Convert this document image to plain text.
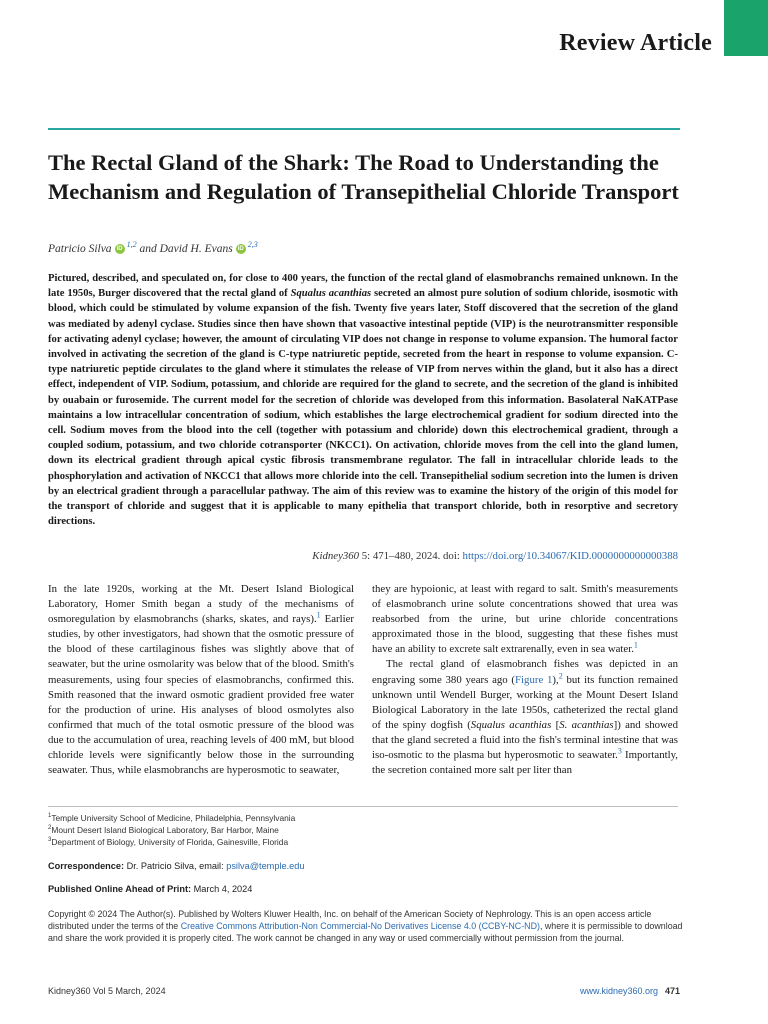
Review Article
The Rectal Gland of the Shark: The Road to Understanding the Mechanism and Regulation of Transepithelial Chloride Transport
Patricio Silva iD$^{1,2}$ and David H. Evans iD$^{2,3}$
Pictured, described, and speculated on, for close to 400 years, the function of the rectal gland of elasmobranchs remained unknown. In the late 1950s, Burger discovered that the rectal gland of Squalus acanthias secreted an almost pure solution of sodium chloride, isosmotic with blood, which could be stimulated by volume expansion of the fish. Twenty five years later, Stoff discovered that the secretion of the gland was mediated by adenyl cyclase. Studies since then have shown that vasoactive intestinal peptide (VIP) is the neurotransmitter responsible for activating adenyl cyclase; however, the amount of circulating VIP does not change in response to volume expansion. The humoral factor involved in activating the secretion of the gland is C-type natriuretic peptide, secreted from the heart in response to volume expansion. C-type natriuretic peptide circulates to the gland where it stimulates the release of VIP from nerves within the gland, but it also has a direct effect, independent of VIP. Sodium, potassium, and chloride are required for the gland to secrete, and the secretion of the gland is inhibited by ouabain or furosemide. The current model for the secretion of chloride was developed from this information. Basolateral NaKATPase maintains a low intracellular concentration of sodium, which establishes the large electrochemical gradient for sodium directed into the cell. Sodium moves from the blood into the cell (together with potassium and chloride) down this electrochemical gradient, through a coupled sodium, potassium, and two chloride cotransporter (NKCC1). On activation, chloride moves from the cell into the gland lumen, down its electrical gradient through apical cystic fibrosis transmembrane regulator. The fall in intracellular chloride leads to the phosphorylation and activation of NKCC1 that allows more chloride into the cell. Transepithelial sodium secretion into the lumen is driven by an electrical gradient through a paracellular pathway. The aim of this review was to examine the history of the origin of this model for the transport of chloride and suggest that it is applicable to many epithelia that transport chloride, both in resorptive and secretory directions.
Kidney360 5: 471–480, 2024. doi: https://doi.org/10.34067/KID.0000000000000388

In the late 1920s, working at the Mt. Desert Island Biological Laboratory, Homer Smith began a study of the mechanisms of osmoregulation by elasmobranchs (sharks, skates, and rays).$^1$ Earlier studies, by other investigators, had shown that the osmotic pressure of the blood of these cartilaginous fishes was slightly above that of seawater, but the urine osmolarity was below that of the blood. Smith's measurements, using four species of elasmobranchs, confirmed this. Smith reasoned that the inward osmotic gradient provided free water for the production of urine. His analyses of blood osmolytes also confirmed that much of the total osmotic pressure of the blood was due to the accumulation of urea, reaching levels of 400 mM, but blood chloride levels were significantly below those in the surrounding seawater. Thus, while elasmobranchs are hyperosmotic to seawater,

they are hypoionic, at least with regard to salt. Smith's measurements of elasmobranch urine solute concentrations showed that urea was reabsorbed from the urine, but urine chloride concentrations approximated those in the blood, suggesting that these fishes must have an ability to excrete salt extrarenally, even in sea water.$^1$

The rectal gland of elasmobranch fishes was depicted in an engraving some 380 years ago (Figure 1),$^2$ but its function remained unknown until Wendell Burger, working at the Mount Desert Island Biological Laboratory in the late 1950s, catheterized the rectal gland of the spiny dogfish (Squalus acanthias [S. acanthias]) and showed that the gland secreted a fluid into the fish's terminal intestine that was iso-osmotic to the plasma but hyperosmotic to seawater.$^3$ Importantly, the secretion contained more salt per liter than

$^1$Temple University School of Medicine, Philadelphia, Pennsylvania
$^2$Mount Desert Island Biological Laboratory, Bar Harbor, Maine
$^3$Department of Biology, University of Florida, Gainesville, Florida
Correspondence: Dr. Patricio Silva, email: psilva@temple.edu
Published Online Ahead of Print: March 4, 2024
Copyright © 2024 The Author(s). Published by Wolters Kluwer Health, Inc. on behalf of the American Society of Nephrology. This is an open access article distributed under the terms of the Creative Commons Attribution-Non Commercial-No Derivatives License 4.0 (CCBY-NC-ND), where it is permissible to download and share the work provided it is properly cited. The work cannot be changed in any way or used commercially without permission from the journal.
Kidney360 Vol 5 March, 2024	www.kidney360.org 471
